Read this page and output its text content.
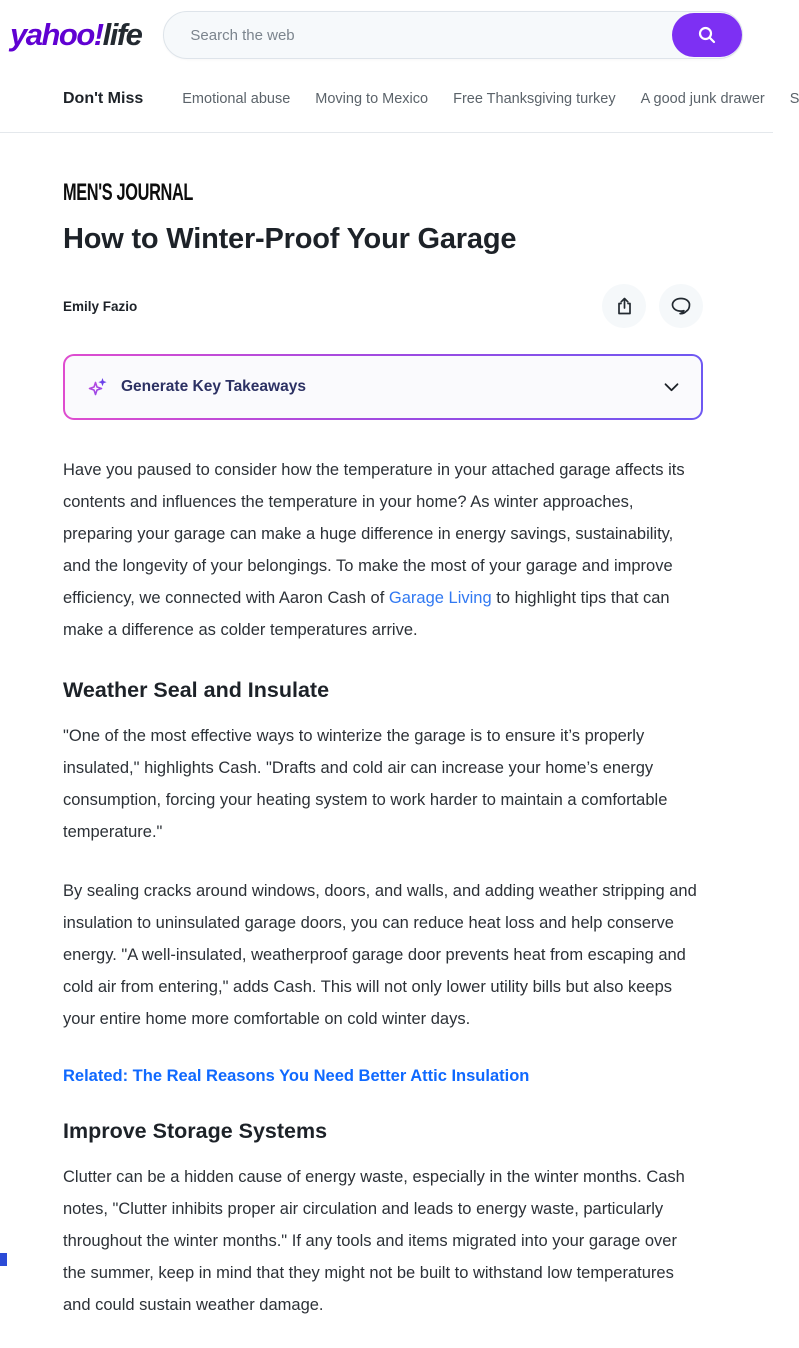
yahoo!life
Search the web
Don't Miss	Emotional abuse Moving to Mexico Free Thanksgiving turkey A good junk drawer S
MEN'S JOURNAL
How to Winter-Proof Your Garage
Emily Fazio
Generate Key Takeaways

Have you paused to consider how the temperature in your attached garage affects its contents and influences the temperature in your home? As winter approaches, preparing your garage can make a huge difference in energy savings, sustainability, and the longevity of your belongings. To make the most of your garage and improve efficiency, we connected with Aaron Cash of Garage Living to highlight tips that can make a difference as colder temperatures arrive.

Weather Seal and Insulate

"One of the most effective ways to winterize the garage is to ensure it’s properly insulated," highlights Cash. "Drafts and cold air can increase your home’s energy consumption, forcing your heating system to work harder to maintain a comfortable temperature."

By sealing cracks around windows, doors, and walls, and adding weather stripping and insulation to uninsulated garage doors, you can reduce heat loss and help conserve energy. "A well-insulated, weatherproof garage door prevents heat from escaping and cold air from entering," adds Cash. This will not only lower utility bills but also keeps your entire home more comfortable on cold winter days.

Related: The Real Reasons You Need Better Attic Insulation
Improve Storage Systems

Clutter can be a hidden cause of energy waste, especially in the winter months. Cash notes, "Clutter inhibits proper air circulation and leads to energy waste, particularly throughout the winter months." If any tools and items migrated into your garage over the summer, keep in mind that they might not be built to withstand low temperatures and could sustain weather damage.
